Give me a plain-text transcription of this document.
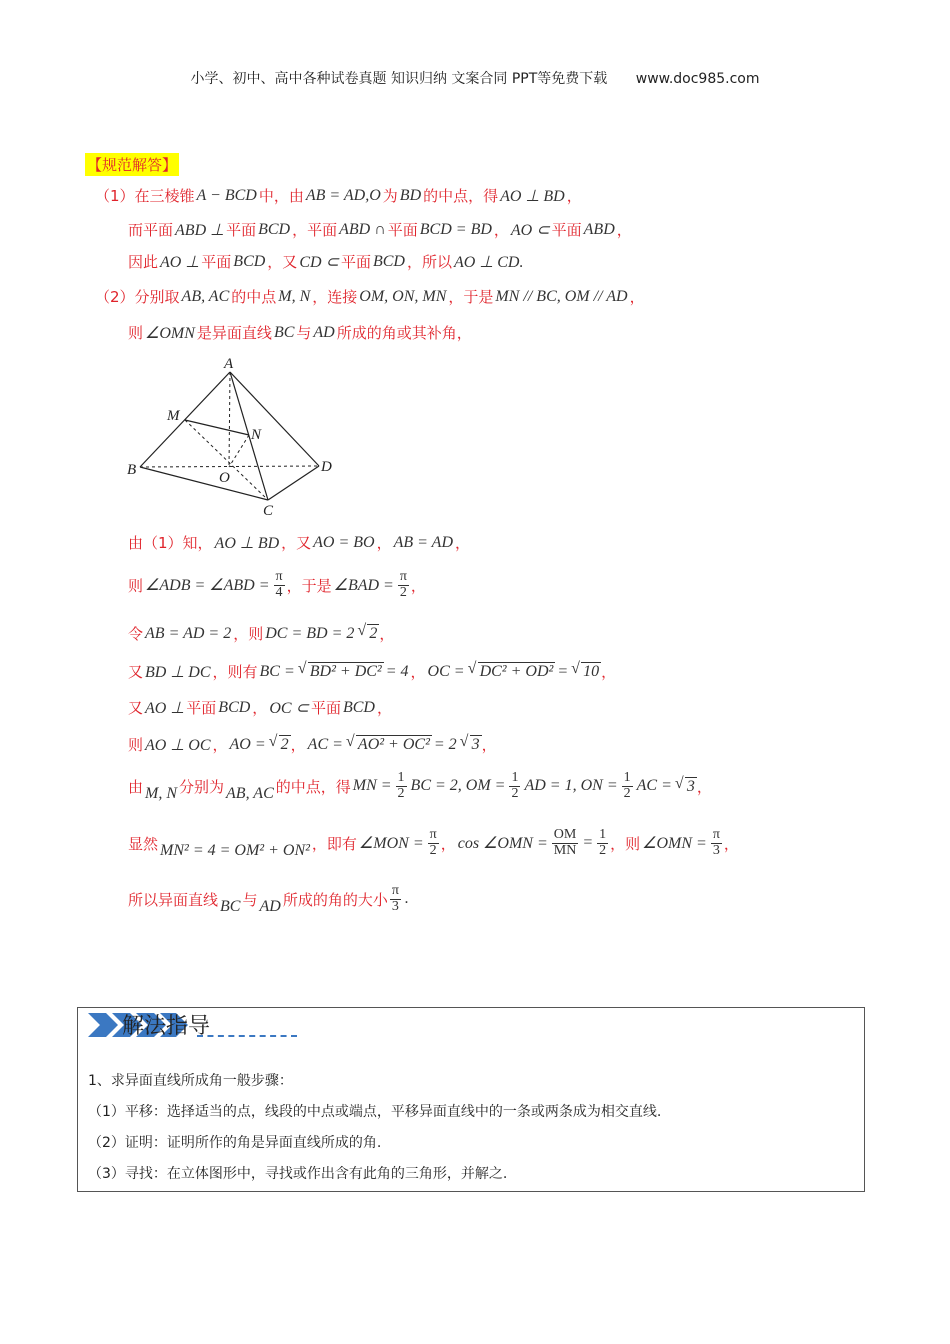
小学、初中、高中各种试卷真题 知识归纳 文案合同 PPT等免费下载 www.doc985.com
【规范解答】
（1）在三棱锥 A − BCD 中，由 AB = AD,O 为 BD 的中点，得 AO ⊥ BD ，
而平面 ABD ⊥ 平面 BCD ，平面 ABD ∩ 平面 BCD = BD ， AO ⊂ 平面 ABD ，
因此 AO ⊥ 平面 BCD ，又 CD ⊂ 平面 BCD ，所以 AO ⊥ CD.
（2）分别取 AB, AC 的中点 M, N ，连接 OM, ON, MN ，于是 MN // BC, OM // AD ，
则 ∠OMN 是异面直线 BC 与 AD 所成的角或其补角，
A
M
N
B	O
D
C
由（1）知， AO ⊥ BD ，又 AO = BO ， AB = AD ，
则 ∠ADB = ∠ABD = $\frac{\pi}{4}$ ，于是 ∠BAD = $\frac{\pi}{2}$ ，
令 AB = AD = 2 ，则 DC = BD = 2 √ 2 ，
又 BD ⊥ DC ，则有 BC = √ BD² + DC² = 4 ， OC = √ DC² + OD² = √ 10 ，
又 AO ⊥ 平面 BCD ， OC ⊂ 平面 BCD ，
则 AO ⊥ OC ， AO = √ 2 ， AC = √ AO² + OC² = 2 √ 3 ，
由 M, N 分别为 AB, AC 的中点，得 MN = $\frac{1}{2}$ BC = 2, OM = $\frac{1}{2}$ AD = 1, ON = $\frac{1}{2}$ AC = √ 3 ，
显然 MN² = 4 = OM² + ON² ，即有 ∠MON = $\frac{\pi}{2}$ ， cos ∠OMN = $\frac{OM}{MN} = \frac{1}{2}$ ，则 ∠OMN = $\frac{\pi}{3}$ ，
所以异面直线 BC 与 AD 所成的角的大小 $\frac{\pi}{3}$ .
解法指导
1、求异面直线所成角一般步骤：
（1）平移：选择适当的点，线段的中点或端点，平移异面直线中的一条或两条成为相交直线.
（2）证明：证明所作的角是异面直线所成的角.
（3）寻找：在立体图形中，寻找或作出含有此角的三角形，并解之.
